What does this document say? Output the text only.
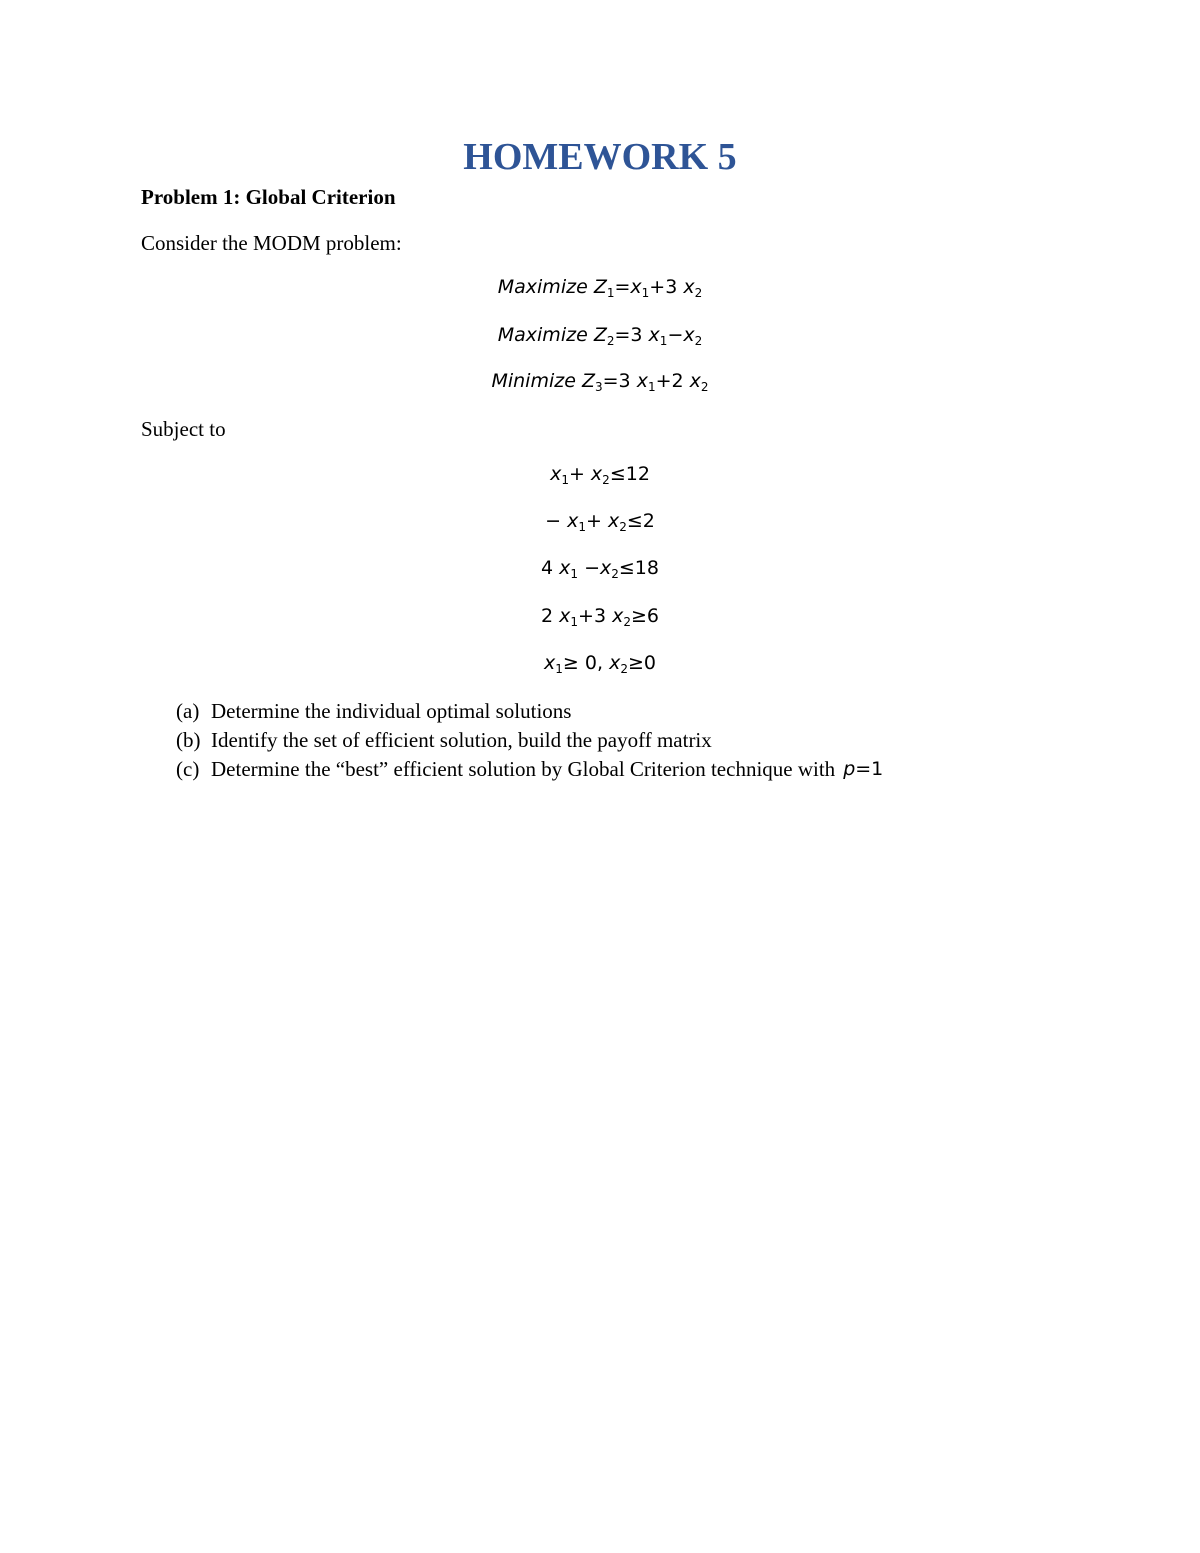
HOMEWORK 5
Problem 1: Global Criterion
Consider the MODM problem:
Maximize $Z_1=x_1+3$ $x_2$
Maximize $Z_2=3$ $x_1-x_2$
Minimize $Z_3=3$ $x_1+2$ $x_2$
Subject to
$x_1+ x_2\le 12$
− $x_1+ x_2\le 2$
4 $x_1 -x_2\le 18$
2 $x_1+3$ $x_2\ge 6$
$x_1\ge 0$, $x_2\ge 0$
(a) Determine the individual optimal solutions
(b) Identify the set of efficient solution, build the payoff matrix
(c) Determine the “best” efficient solution by Global Criterion technique with p=1
